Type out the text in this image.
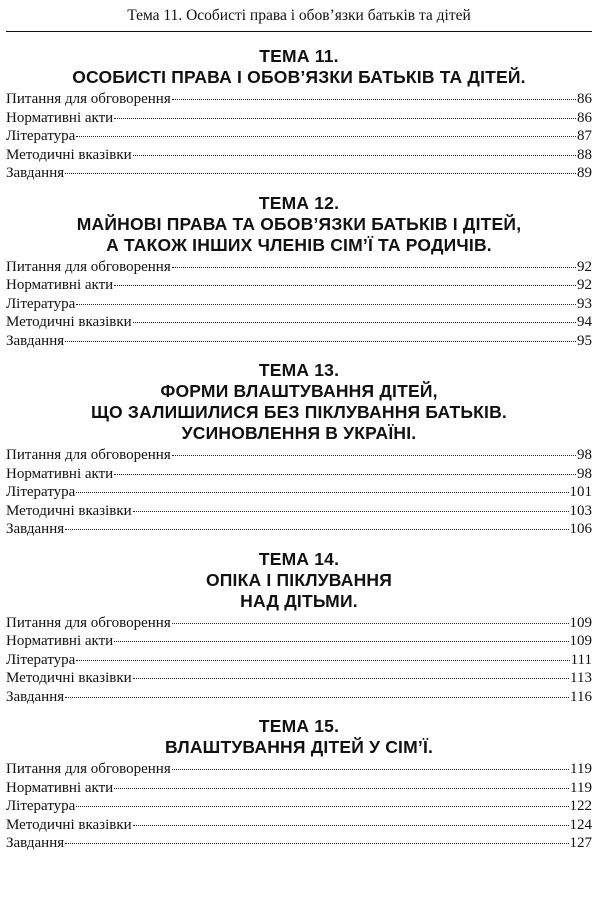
Тема 11. Особисті права і обов’язки батьків та дітей
ТЕМА 11.
ОСОБИСТІ ПРАВА І ОБОВ’ЯЗКИ БАТЬКІВ ТА ДІТЕЙ.
Питання для обговорення	86
Нормативні акти	86
Література	87
Методичні вказівки	88
Завдання	89
ТЕМА 12.
МАЙНОВІ ПРАВА ТА ОБОВ’ЯЗКИ БАТЬКІВ І ДІТЕЙ,
А ТАКОЖ ІНШИХ ЧЛЕНІВ СІМ’Ї ТА РОДИЧІВ.
Питання для обговорення	92
Нормативні акти	92
Література	93
Методичні вказівки	94
Завдання	95
ТЕМА 13.
ФОРМИ ВЛАШТУВАННЯ ДІТЕЙ,
ЩО ЗАЛИШИЛИСЯ БЕЗ ПІКЛУВАННЯ БАТЬКІВ.
УСИНОВЛЕННЯ В УКРАЇНІ.
Питання для обговорення	98
Нормативні акти	98
Література	101
Методичні вказівки	103
Завдання	106
ТЕМА 14.
ОПІКА І ПІКЛУВАННЯ
НАД ДІТЬМИ.
Питання для обговорення	109
Нормативні акти	109
Література	111
Методичні вказівки	113
Завдання	116
ТЕМА 15.
ВЛАШТУВАННЯ ДІТЕЙ У СІМ’Ї.
Питання для обговорення	119
Нормативні акти	119
Література	122
Методичні вказівки	124
Завдання	127
